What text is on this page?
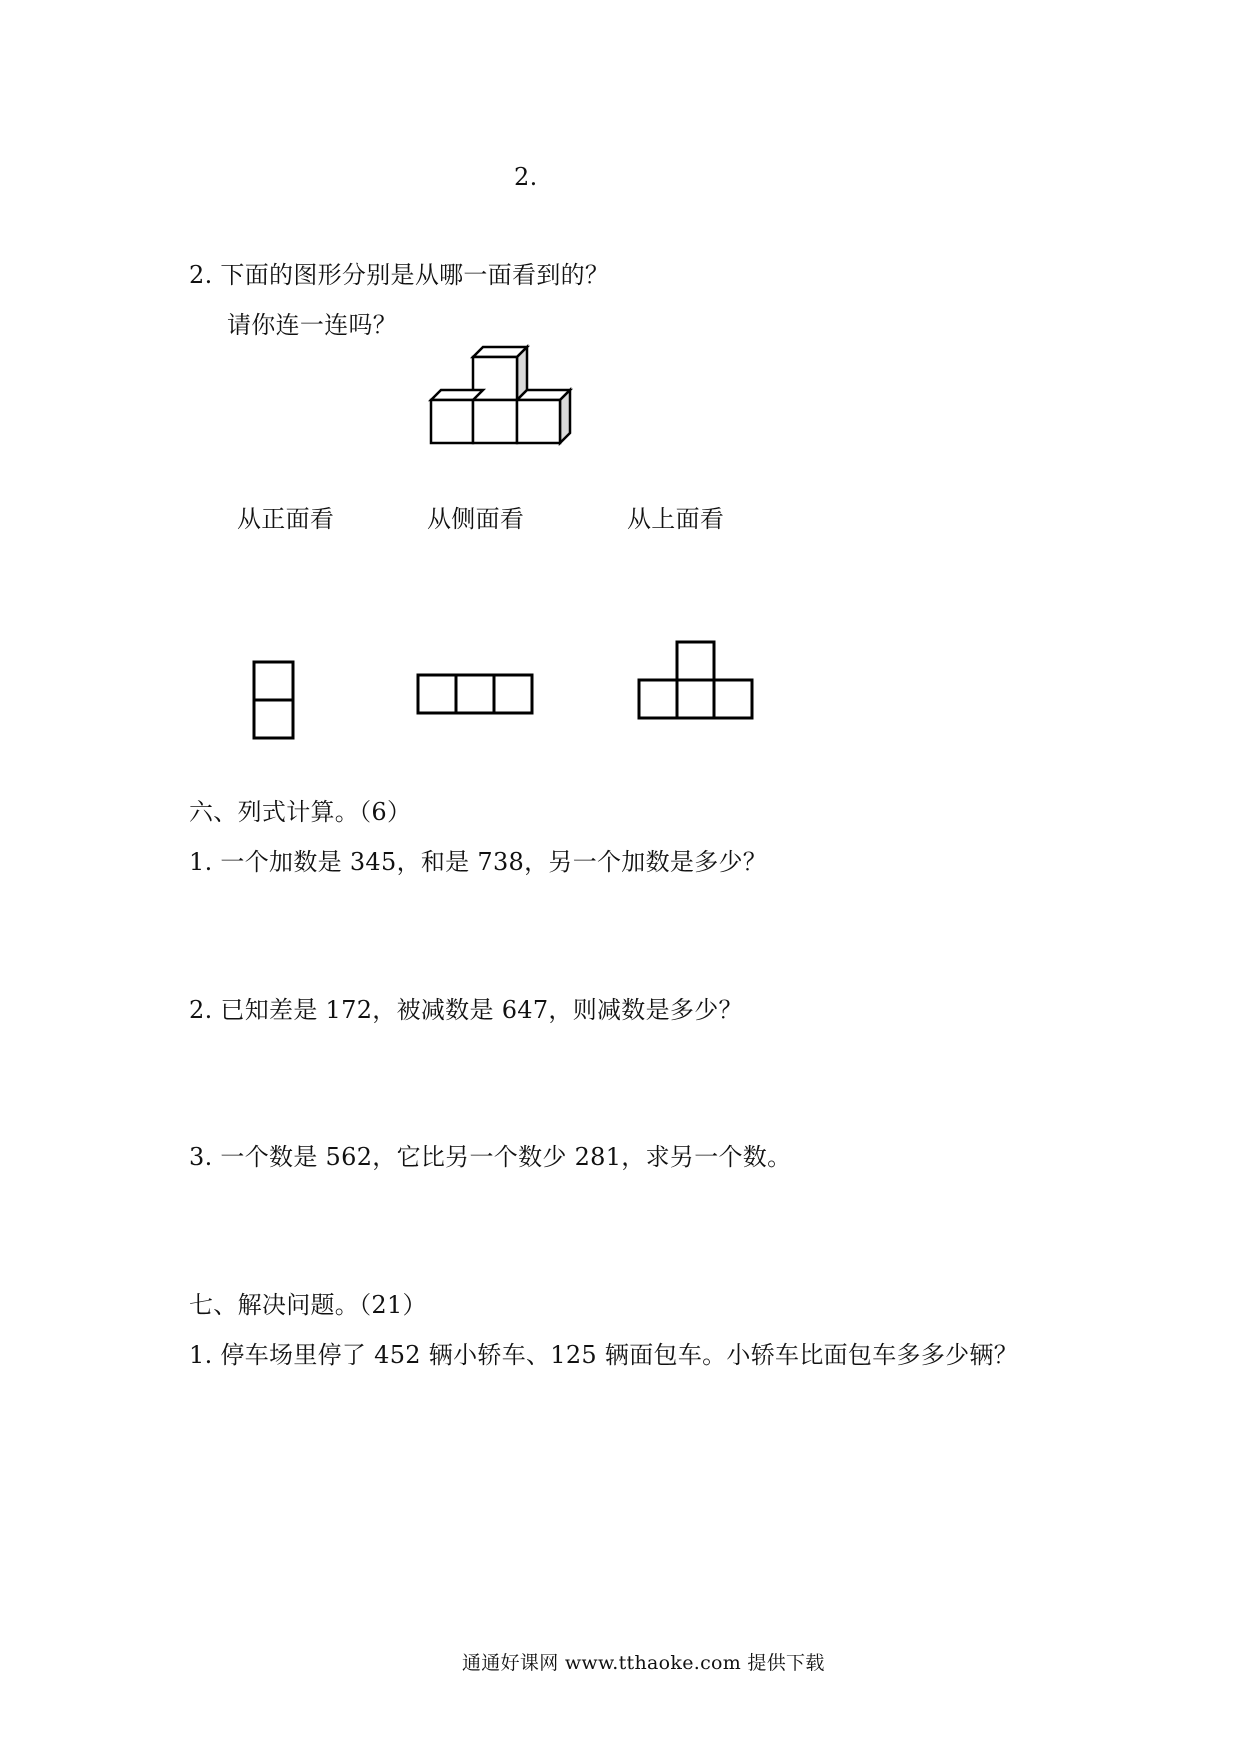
2.
2. 下面的图形分别是从哪一面看到的？
请你连一连吗？
从正面看	从侧面看	从上面看
六、列式计算。（6）
1. 一个加数是 345，和是 738，另一个加数是多少？
2. 已知差是 172，被减数是 647，则减数是多少？
3. 一个数是 562，它比另一个数少 281，求另一个数。
七、解决问题。（21）
1. 停车场里停了 452 辆小轿车、125 辆面包车。小轿车比面包车多多少辆？
通通好课网 www.tthaoke.com 提供下载
